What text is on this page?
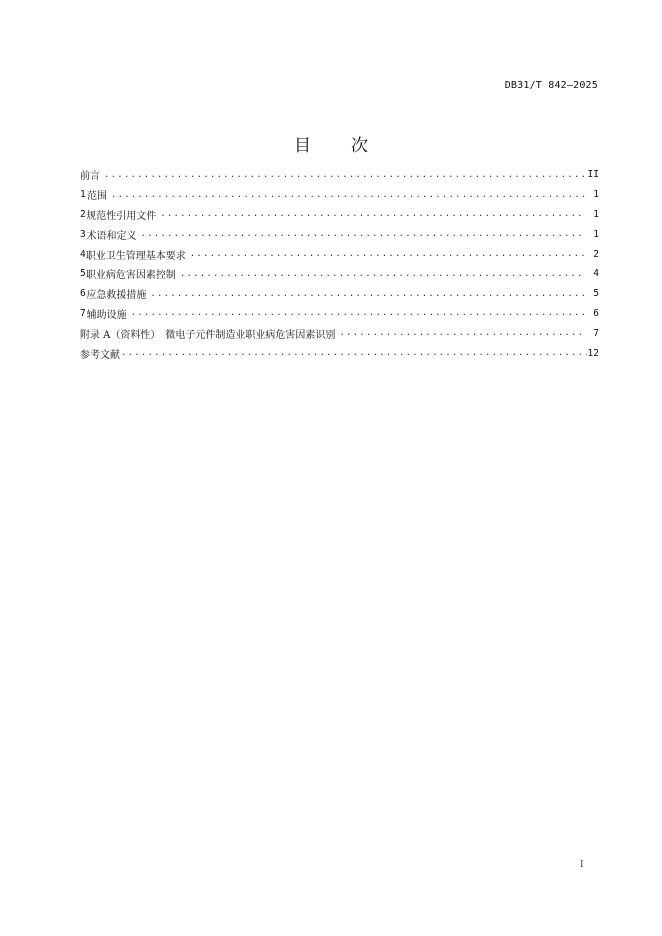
DB31/T 842—2025
目 次
前言 .....	II
1 范围 .....	1
2 规范性引用文件 .....	1
3 术语和定义 .....	1
4 职业卫生管理基本要求 .....	2
5 职业病危害因素控制 .....	4
6 应急救援措施 .....	5
7 辅助设施 .....	6
附录 A（资料性）　微电子元件制造业职业病危害因素识别 .....	7
参考文献 .....	12
I
